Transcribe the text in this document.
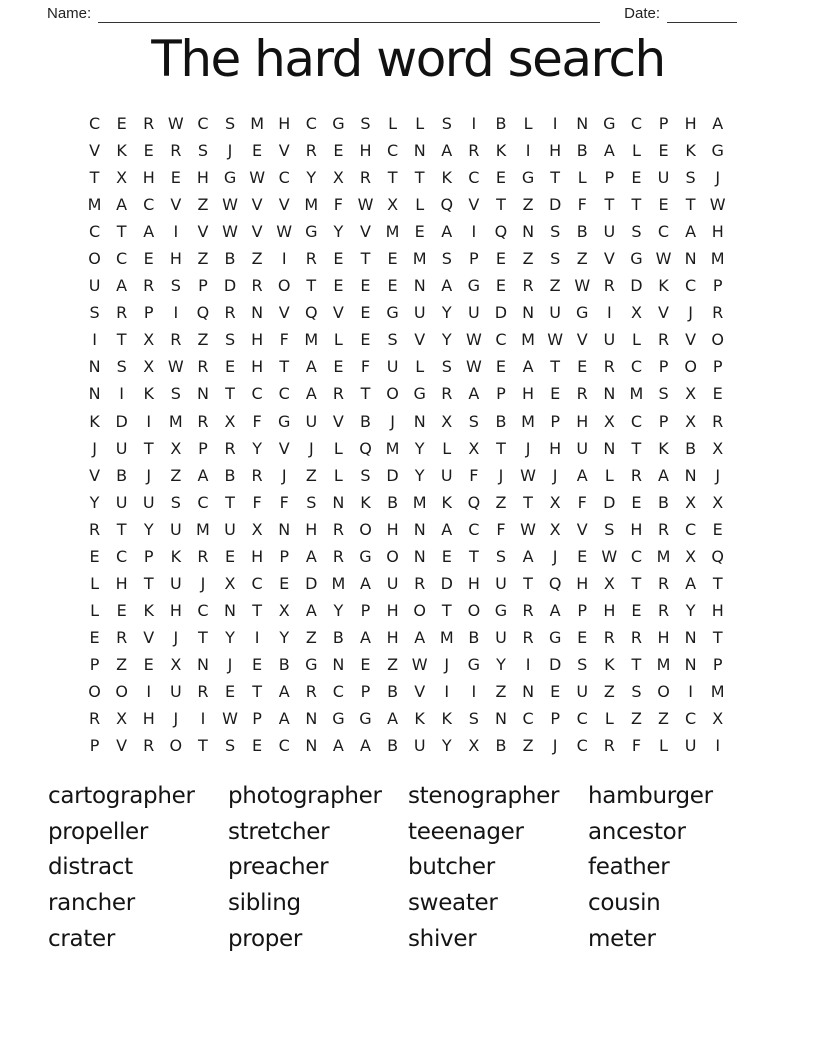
Name:	Date:
The hard word search
C	E	R W C	S M H C G S	L	L	S	I	B	L	I	N G C	P	H A
V	K	E	R	S	J	E	V	R	E	H C N A	R	K	I	H B	A	L	E	K G
T	X H	E	H G W C	Y	X	R	T	T	K	C	E G	T	L	P	E	U	S	J
M A	C	V	Z W V	V M F W X	L	Q V	T	Z D	F	T	T	E	T W
C	T	A	I	V W V W G	Y	V M E	A	I	Q N	S	B U	S	C	A H
O C	E	H Z	B	Z	I	R	E	T	E M S	P	E	Z	S	Z	V G W N M
U A	R	S	P	D R O T	E	E	E	N A G E	R	Z W R D K	C	P
S	R	P	I	Q R N V Q V	E G U	Y	U D N U G	I	X	V	J	R
I	T	X	R	Z	S	H	F M L	E	S	V	Y W C M W V U	L	R	V O
N	S	X W R	E	H	T	A	E	F	U	L	S W E	A	T	E	R C	P O P
N	I	K	S	N	T	C C	A	R	T O G R	A	P	H	E	R N M S	X	E
K D	I	M R	X	F	G U V	B	J	N X	S	B M P	H X	C	P	X	R
J	U	T	X	P	R	Y	V	J	L	Q M Y	L	X	T	J	H U N	T	K	B	X
V	B	J	Z	A	B	R	J	Z	L	S D	Y	U	F	J	W	J	A	L	R	A N	J
Y	U U	S	C	T	F	F	S	N K	B M K Q Z	T	X	F	D E	B	X	X
R	T	Y	U M U X N H R O H N A	C	F W X	V	S	H R C	E
E	C	P	K	R	E	H	P	A	R G O N	E	T	S	A	J	E W C M X Q
L	H	T	U	J	X	C	E D M A U R D H U	T Q H X	T	R	A	T
L	E	K H C N	T	X	A	Y	P	H O T O G R	A	P	H	E	R	Y	H
E	R	V	J	T	Y	I	Y	Z	B	A H A M B U R G E	R R H N	T
P	Z	E	X N	J	E	B G N	E	Z W	J	G	Y	I	D S	K	T M N	P
O O	I	U R	E	T	A	R C	P	B	V	I	I	Z N	E	U Z	S O	I	M
R	X H	J	I	W P	A N G G A	K	K	S	N C	P	C	L	Z	Z	C	X
P	V	R O T	S	E	C N A	A	B U	Y	X	B	Z	J	C R	F	L	U	I
cartographer
propeller
distract
rancher
crater
photographer
stretcher
preacher
sibling
proper
stenographer
teeenager
butcher
sweater
shiver
hamburger
ancestor
feather
cousin
meter
